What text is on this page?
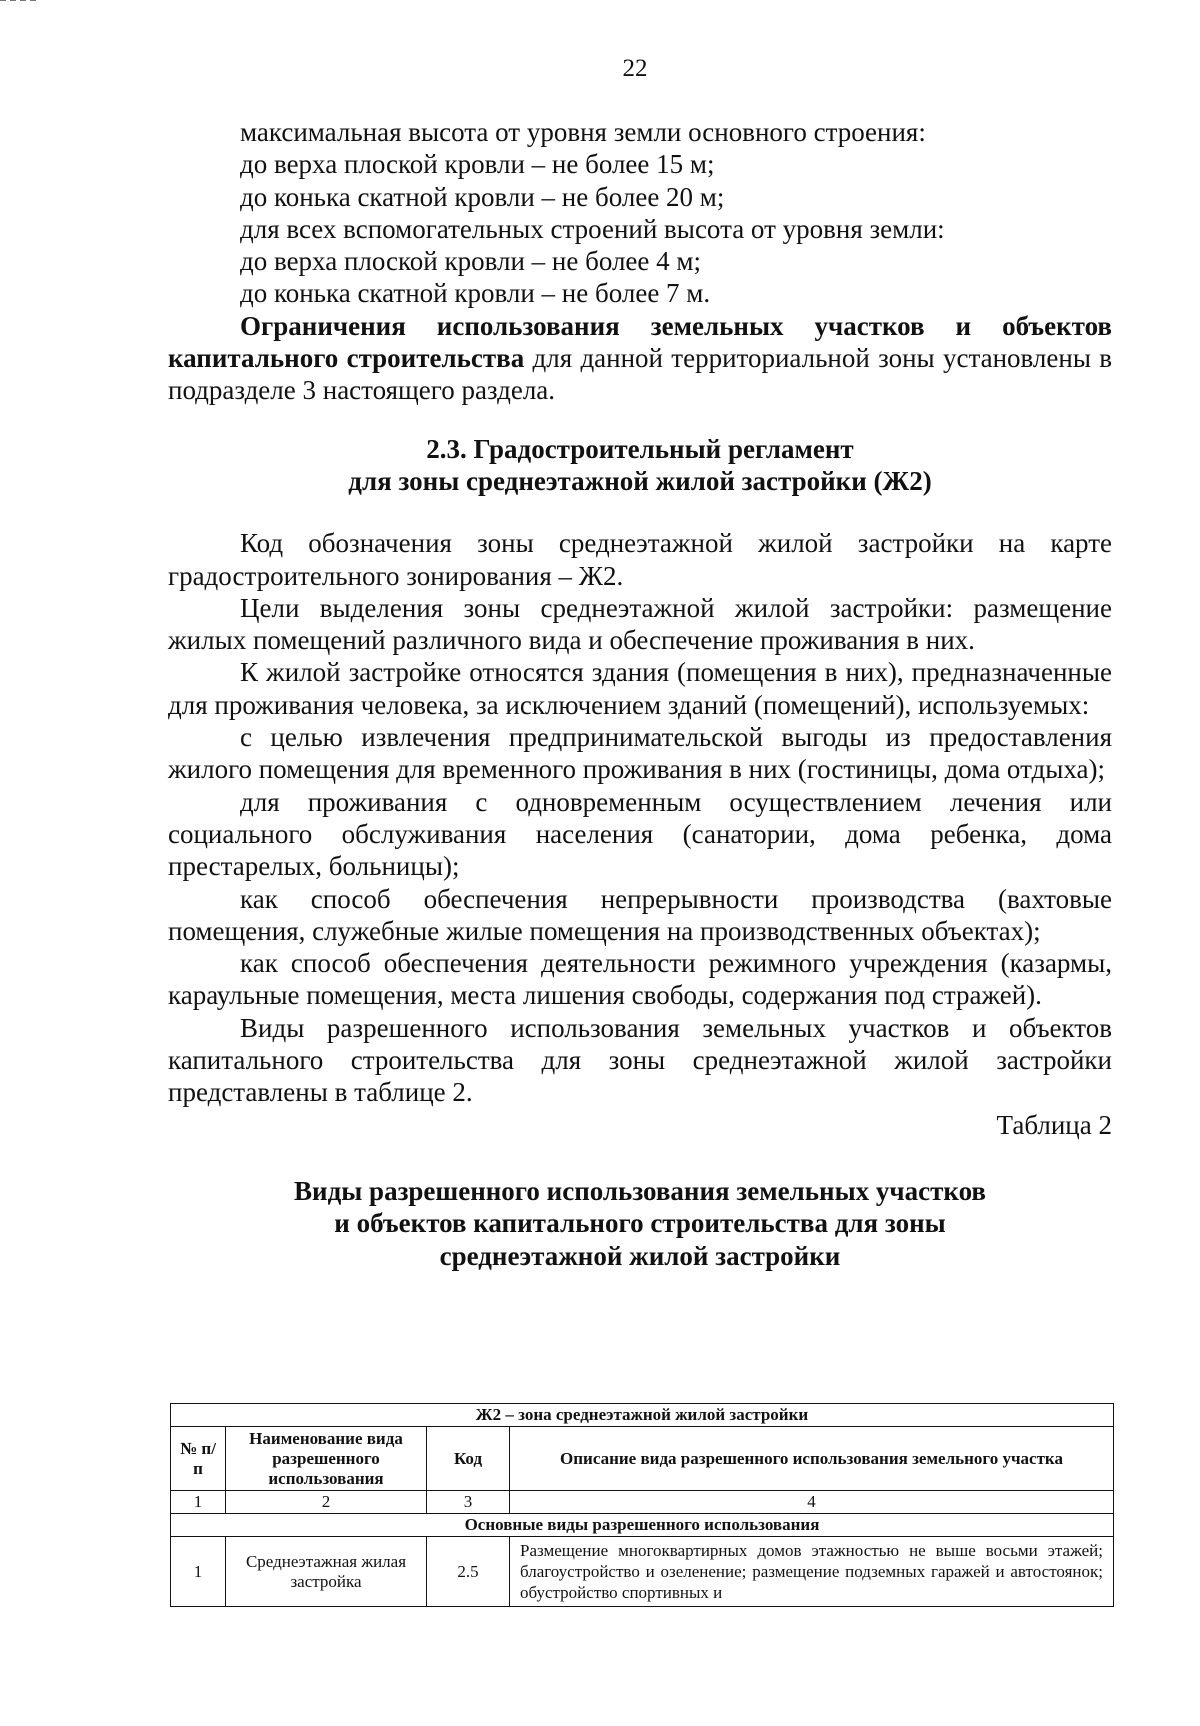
22

максимальная высота от уровня земли основного строения:

до верха плоской кровли – не более 15 м;

до конька скатной кровли – не более 20 м;

для всех вспомогательных строений высота от уровня земли:

до верха плоской кровли – не более 4 м;

до конька скатной кровли – не более 7 м.

Ограничения использования земельных участков и объектов капитального строительства для данной территориальной зоны установлены в подразделе 3 настоящего раздела.

2.3. Градостроительный регламент
для зоны среднеэтажной жилой застройки (Ж2)

Код обозначения зоны среднеэтажной жилой застройки на карте градостроительного зонирования – Ж2.

Цели выделения зоны среднеэтажной жилой застройки: размещение жилых помещений различного вида и обеспечение проживания в них.

К жилой застройке относятся здания (помещения в них), предназначенные для проживания человека, за исключением зданий (помещений), используемых:

с целью извлечения предпринимательской выгоды из предоставления жилого помещения для временного проживания в них (гостиницы, дома отдыха);

для проживания с одновременным осуществлением лечения или социального обслуживания населения (санатории, дома ребенка, дома престарелых, больницы);

как способ обеспечения непрерывности производства (вахтовые помещения, служебные жилые помещения на производственных объектах);

как способ обеспечения деятельности режимного учреждения (казармы, караульные помещения, места лишения свободы, содержания под стражей).

Виды разрешенного использования земельных участков и объектов капитального строительства для зоны среднеэтажной жилой застройки представлены в таблице 2.

Таблица 2

Виды разрешенного использования земельных участков
и объектов капитального строительства для зоны
среднеэтажной жилой застройки
Ж2 – зона среднеэтажной жилой застройки			
№ п/п	Наименование вида разрешенного использования	Код	Описание вида разрешенного использования земельного участка
1	2	3	4
Основные виды разрешенного использования			
1	Среднеэтажная жилая застройка	2.5	Размещение многоквартирных домов этажностью не выше восьми этажей; благоустройство и озеленение; размещение подземных гаражей и автостоянок; обустройство спортивных и
